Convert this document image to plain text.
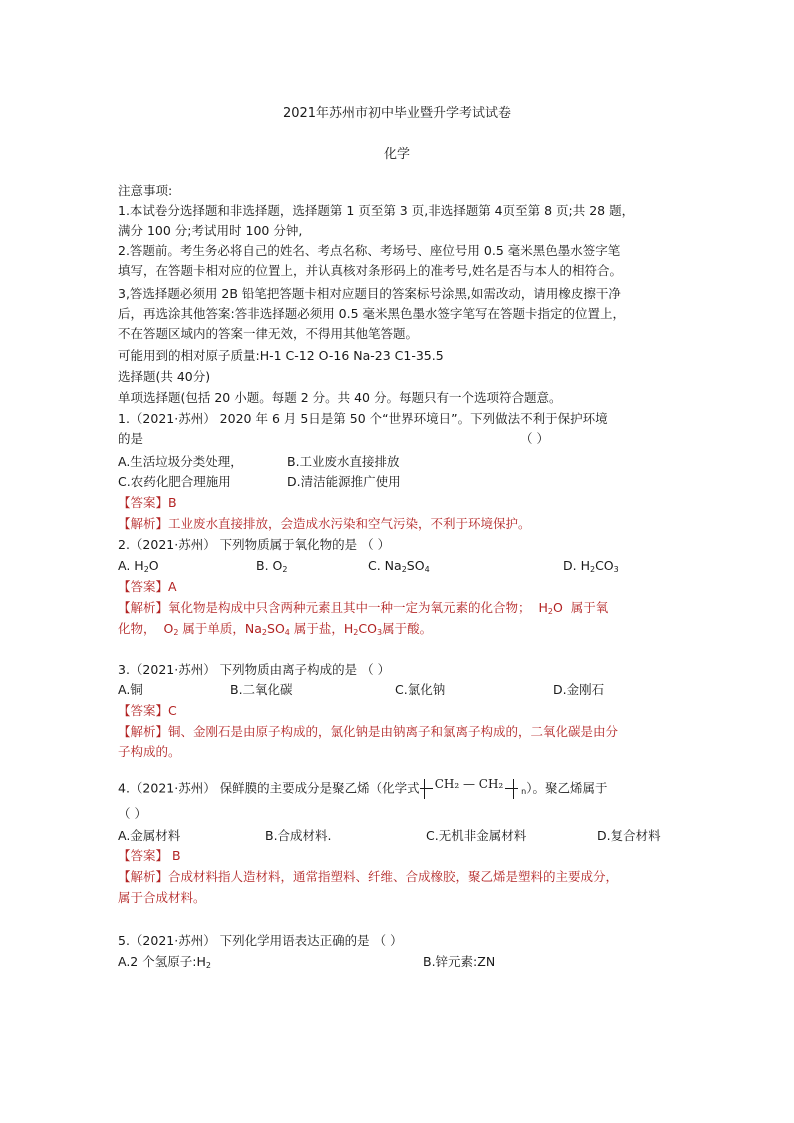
2021年苏州市初中毕业暨升学考试试卷
化学
注意事项:
1.本试卷分选择题和非选择题，选择题第 1 页至第 3 页,非选择题第 4页至第 8 页;共 28 题，
满分 100 分;考试用时 100 分钟,
2.答题前。考生务必将自己的姓名、考点名称、考场号、座位号用 0.5 毫米黑色墨水签字笔
填写，在答题卡相对应的位置上，并认真核对条形码上的准考号,姓名是否与本人的相符合。
3,答选择题必须用 2B 铅笔把答题卡相对应题目的答案标号涂黑,如需改动，请用橡皮擦干净
后，再选涂其他答案:答非选择题必须用 0.5 毫米黑色墨水签字笔写在答题卡指定的位置上，
不在答题区域内的答案一律无效，不得用其他笔答题。
可能用到的相对原子质量:H-1 C-12 O-16 Na-23 C1-35.5
选择题(共 40分)
单项选择题(包括 20 小题。每题 2 分。共 40 分。每题只有一个选项符合题意。
1.（2021·苏州） 2020 年 6 月 5日是第 50 个“世界环境日”。下列做法不利于保护环境
的是	（ ）
A.生活垃圾分类处理，	B.工业废水直接排放
C.农药化肥合理施用	D.清洁能源推广使用
【答案】B
【解析】工业废水直接排放，会造成水污染和空气污染，不利于环境保护。
2.（2021·苏州） 下列物质属于氧化物的是 （ ）
A. $H_2O$	B. $O_2$	C. $Na_2SO_4$	D. $H_2CO_3$
【答案】A
【解析】氧化物是构成中只含两种元素且其中一种一定为氧元素的化合物； $H_2O$ 属于氧
化物， $O_2$ 属于单质，$Na_2SO_4$ 属于盐，$H_2CO_3$属于酸。
3.（2021·苏州） 下列物质由离子构成的是 （ ）
A.铜	B.二氧化碳	C.氯化钠	D.金刚石
【答案】C
【解析】铜、金刚石是由原子构成的，氯化钠是由钠离子和氯离子构成的，二氧化碳是由分
子构成的。
4.（2021·苏州） 保鲜膜的主要成分是聚乙烯（化学式 CH₂ — CH₂
n ）。聚乙烯属于
（ ）
A.金属材料	B.合成材料.	C.无机非金属材料	D.复合材料
【答案】 B
【解析】合成材料指人造材料，通常指塑料、纤维、合成橡胶，聚乙烯是塑料的主要成分，
属于合成材料。
5.（2021·苏州） 下列化学用语表达正确的是 （ ）
A.2 个氢原子$:H_2$	B.锌元素:ZN
